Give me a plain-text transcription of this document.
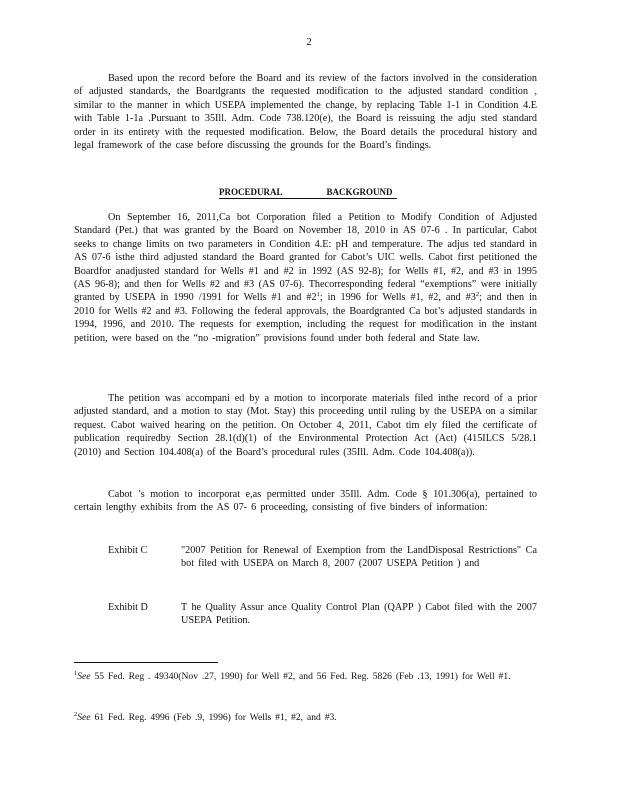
2

Based upon the record before the Board and its review of the factors involved in the consideration of adjusted standards, the Boardgrants the requested modification to the adjusted standard condition , similar to the manner in which USEPA implemented the change, by replacing Table 1-1 in Condition 4.E with Table 1-1a .Pursuant to 35Ill. Adm. Code 738.120(e), the Board is reissuing the adju sted standard order in its entirety with the requested modification. Below, the Board details the procedural history and legal framework of the case before discussing the grounds for the Board’s findings.

PROCEDURAL	BACKGROUND

On September 16, 2011,Ca bot Corporation filed a Petition to Modify Condition of Adjusted Standard (Pet.) that was granted by the Board on November 18, 2010 in AS 07-6 . In particular, Cabot seeks to change limits on two parameters in Condition 4.E: pH and temperature. The adjus ted standard in AS 07-6 isthe third adjusted standard the Board granted for Cabot’s UIC wells. Cabot first petitioned the Boardfor anadjusted standard for Wells #1 and #2 in 1992 (AS 92-8); for Wells #1, #2, and #3 in 1995 (AS 96-8); and then for Wells #2 and #3 (AS 07-6). Thecorresponding federal “exemptions” were initially granted by USEPA in 1990 /1991 for Wells #1 and $\#2^1$; in 1996 for Wells #1, #2, and $\#3^2$; and then in 2010 for Wells #2 and #3. Following the federal approvals, the Boardgranted Ca bot’s adjusted standards in 1994, 1996, and 2010. The requests for exemption, including the request for modification in the instant petition, were based on the “no -migration” provisions found under both federal and State law.

The petition was accompani ed by a motion to incorporate materials filed inthe record of a prior adjusted standard, and a motion to stay (Mot. Stay) this proceeding until ruling by the USEPA on a similar request. Cabot waived hearing on the petition. On October 4, 2011, Cabot tim ely filed the certificate of publication requiredby Section 28.1(d)(1) of the Environmental Protection Act (Act) (415ILCS 5/28.1 (2010) and Section 104.408(a) of the Board’s procedural rules (35Ill. Adm. Code 104.408(a)).

Cabot ’s motion to incorporat e,as permitted under 35Ill. Adm. Code § 101.306(a), pertained to certain lengthy exhibits from the AS 07- 6 proceeding, consisting of five binders of information:

Exhibit C	"2007 Petition for Renewal of Exemption from the LandDisposal Restrictions" Ca bot filed with USEPA on March 8, 2007 (2007 USEPA Petition ) and
Exhibit D	T he Quality Assur ance Quality Control Plan (QAPP ) Cabot filed with the 2007 USEPA Petition.
$^1$See 55 Fed. Reg . 49340(Nov .27, 1990) for Well #2, and 56 Fed. Reg. 5826 (Feb .13, 1991) for Well #1.
$^2$See 61 Fed. Reg. 4996 (Feb .9, 1996) for Wells #1, #2, and #3.
